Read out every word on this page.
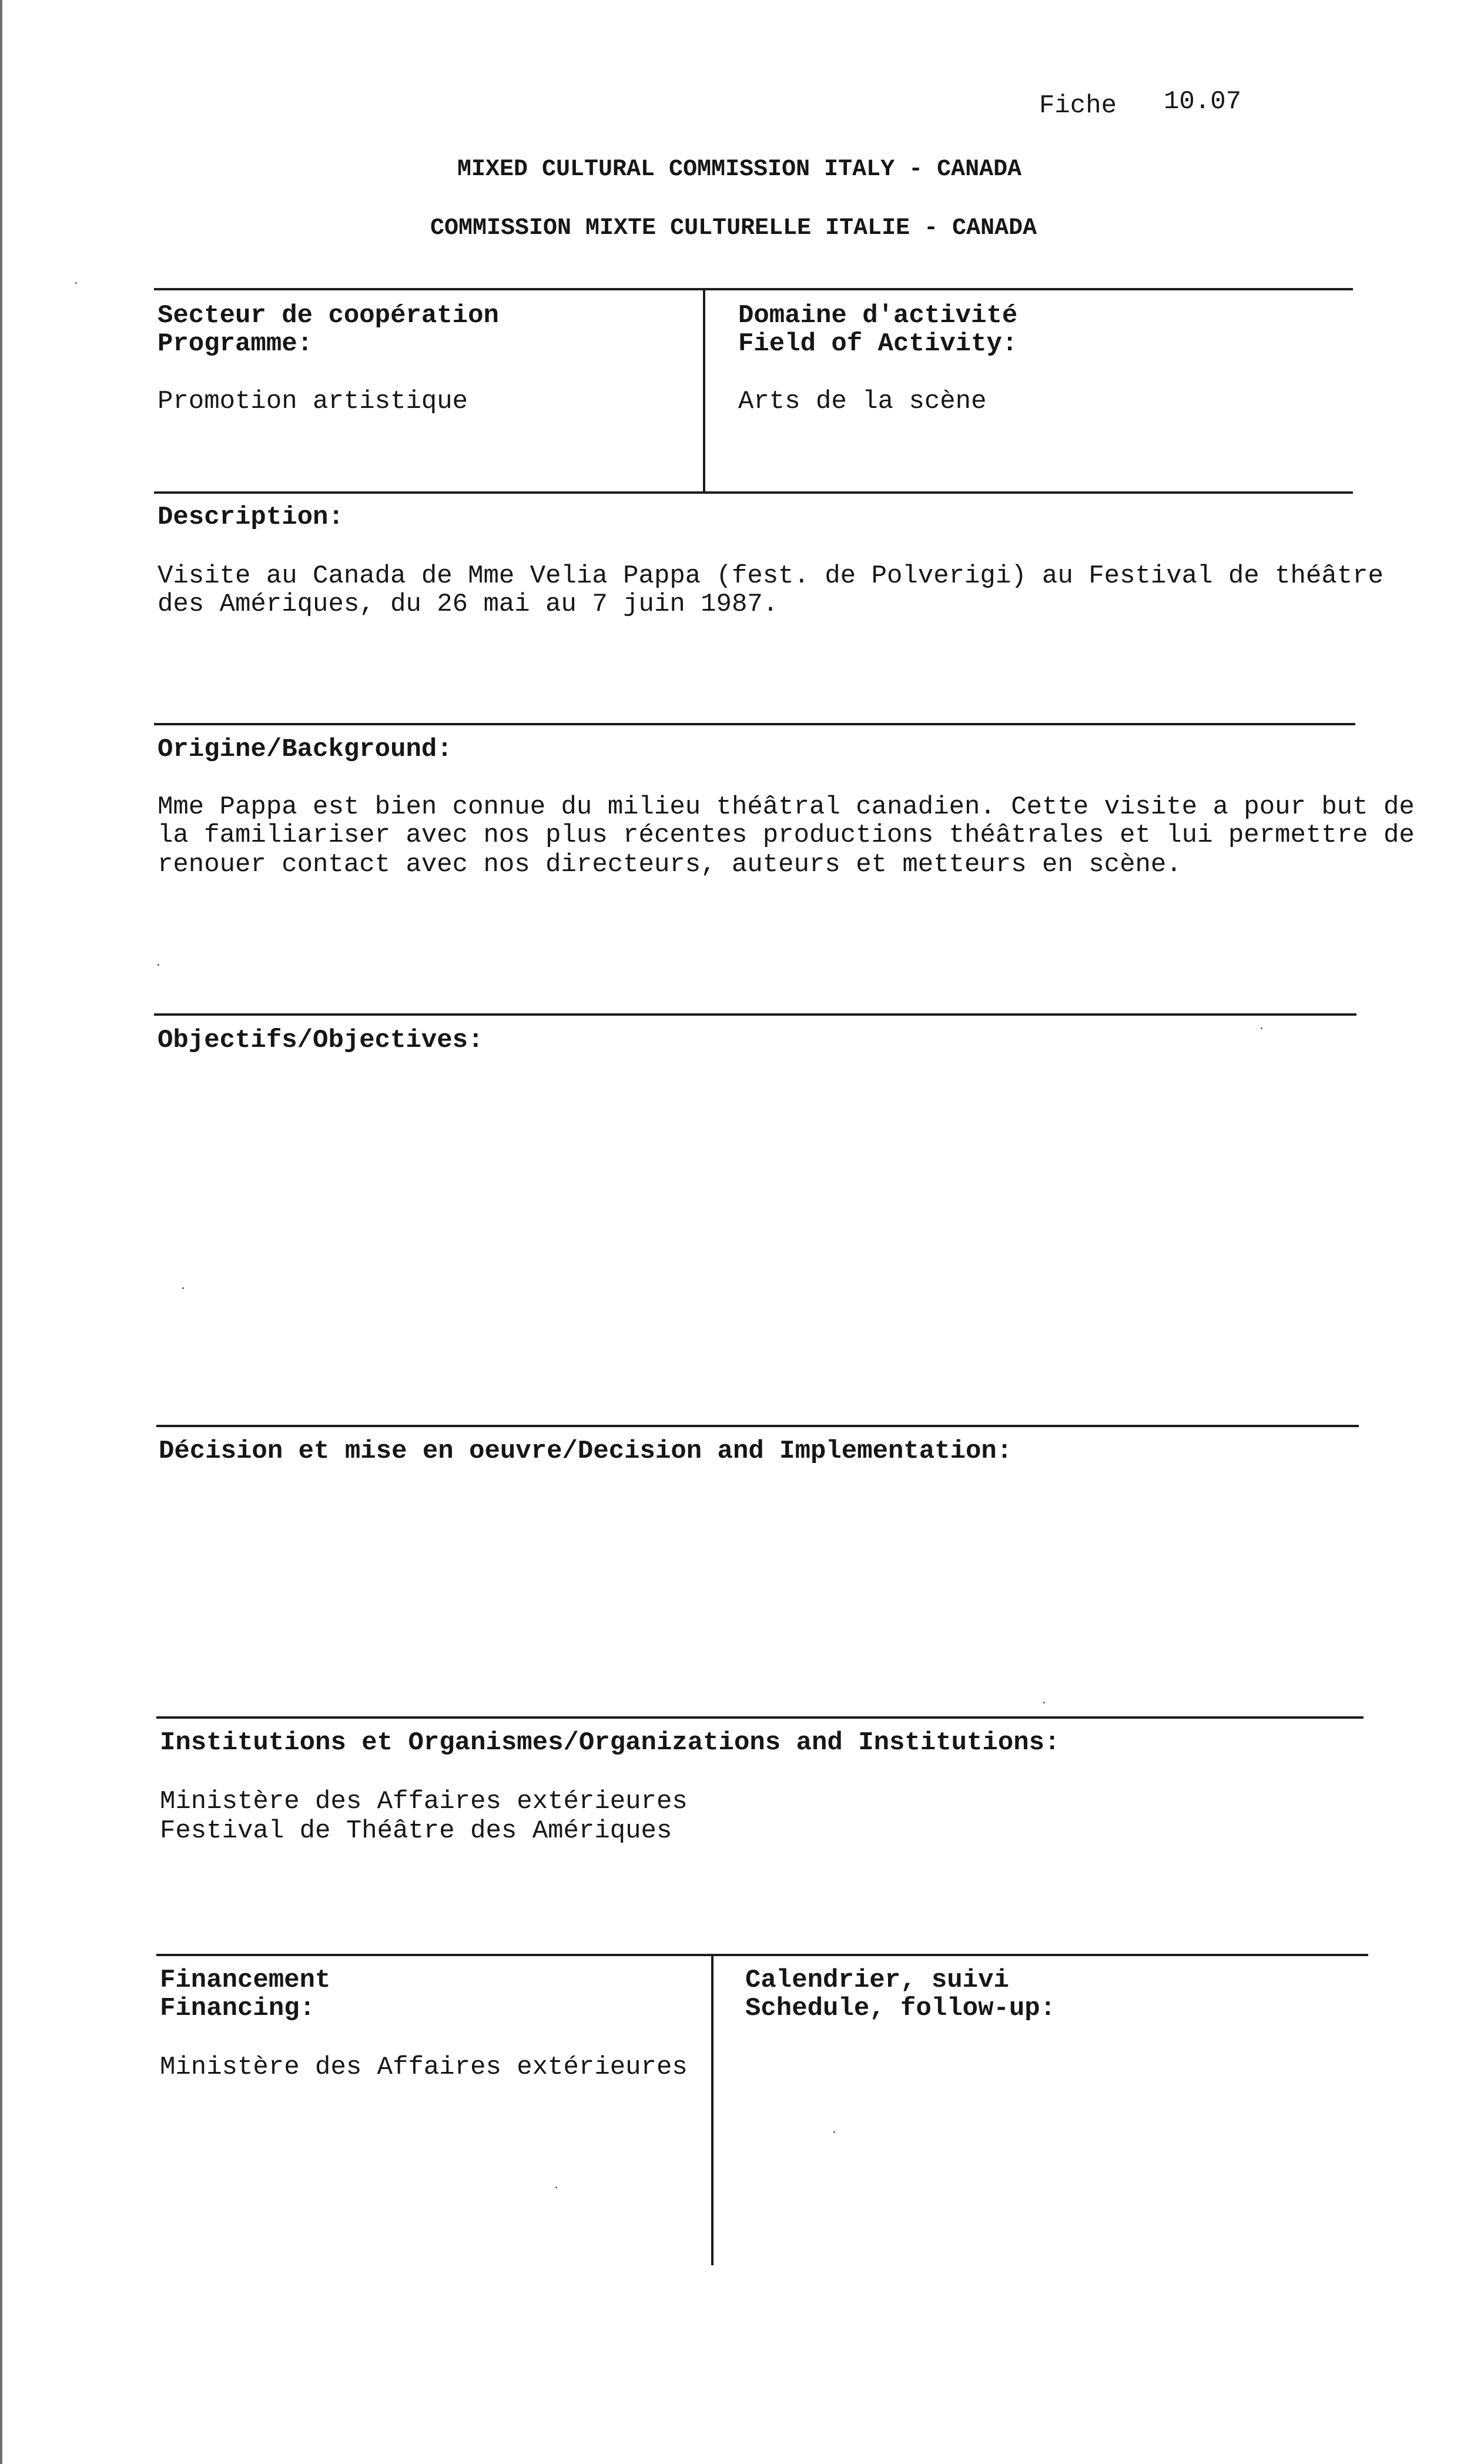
Fiche 10.07
MIXED CULTURAL COMMISSION ITALY - CANADA
COMMISSION MIXTE CULTURELLE ITALIE - CANADA
Secteur de coopération
Programme:
Promotion artistique
Domaine d'activité
Field of Activity:
Arts de la scène
Description:
Visite au Canada de Mme Velia Pappa (fest. de Polverigi) au Festival de théâtre
des Amériques, du 26 mai au 7 juin 1987.
Origine/Background:
Mme Pappa est bien connue du milieu théâtral canadien. Cette visite a pour but de
la familiariser avec nos plus récentes productions théâtrales et lui permettre de
renouer contact avec nos directeurs, auteurs et metteurs en scène.
Objectifs/Objectives:
Décision et mise en oeuvre/Decision and Implementation:
Institutions et Organismes/Organizations and Institutions:
Ministère des Affaires extérieures
Festival de Théâtre des Amériques
Financement
Financing:
Ministère des Affaires extérieures
Calendrier, suivi
Schedule, follow-up:
